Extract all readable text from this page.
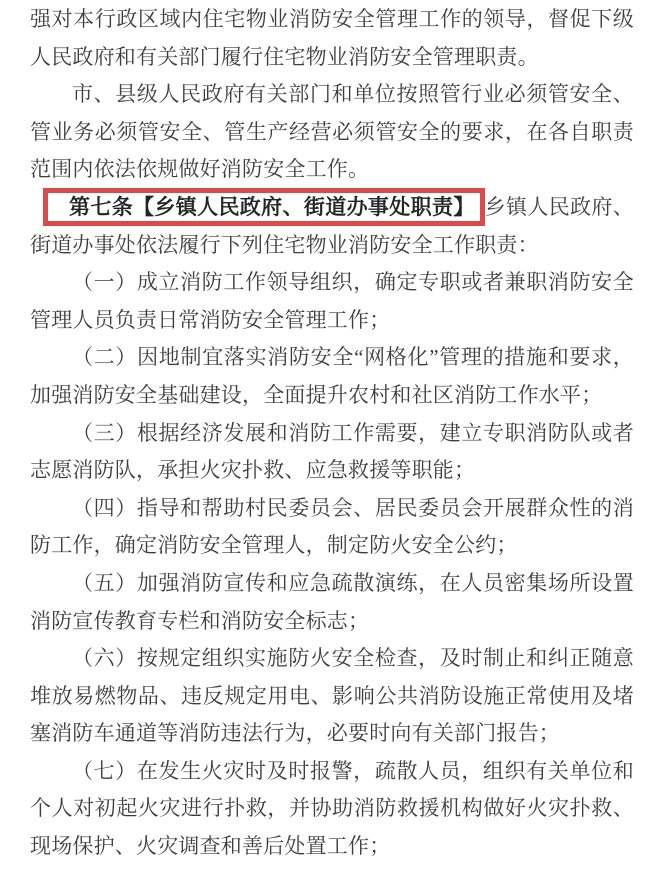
强对本行政区域内住宅物业消防安全管理工作的领导，督促下级人民政府和有关部门履行住宅物业消防安全管理职责。

市、县级人民政府有关部门和单位按照管行业必须管安全、管业务必须管安全、管生产经营必须管安全的要求，在各自职责范围内依法依规做好消防安全工作。

第七条【乡镇人民政府、街道办事处职责】 乡镇人民政府、街道办事处依法履行下列住宅物业消防安全工作职责：

（一）成立消防工作领导组织，确定专职或者兼职消防安全管理人员负责日常消防安全管理工作；

（二）因地制宜落实消防安全“网格化”管理的措施和要求，加强消防安全基础建设，全面提升农村和社区消防工作水平；

（三）根据经济发展和消防工作需要，建立专职消防队或者志愿消防队，承担火灾扑救、应急救援等职能；

（四）指导和帮助村民委员会、居民委员会开展群众性的消防工作，确定消防安全管理人，制定防火安全公约；

（五）加强消防宣传和应急疏散演练，在人员密集场所设置消防宣传教育专栏和消防安全标志；

（六）按规定组织实施防火安全检查，及时制止和纠正随意堆放易燃物品、违反规定用电、影响公共消防设施正常使用及堵塞消防车通道等消防违法行为，必要时向有关部门报告；

（七）在发生火灾时及时报警，疏散人员，组织有关单位和个人对初起火灾进行扑救，并协助消防救援机构做好火灾扑救、现场保护、火灾调查和善后处置工作；
